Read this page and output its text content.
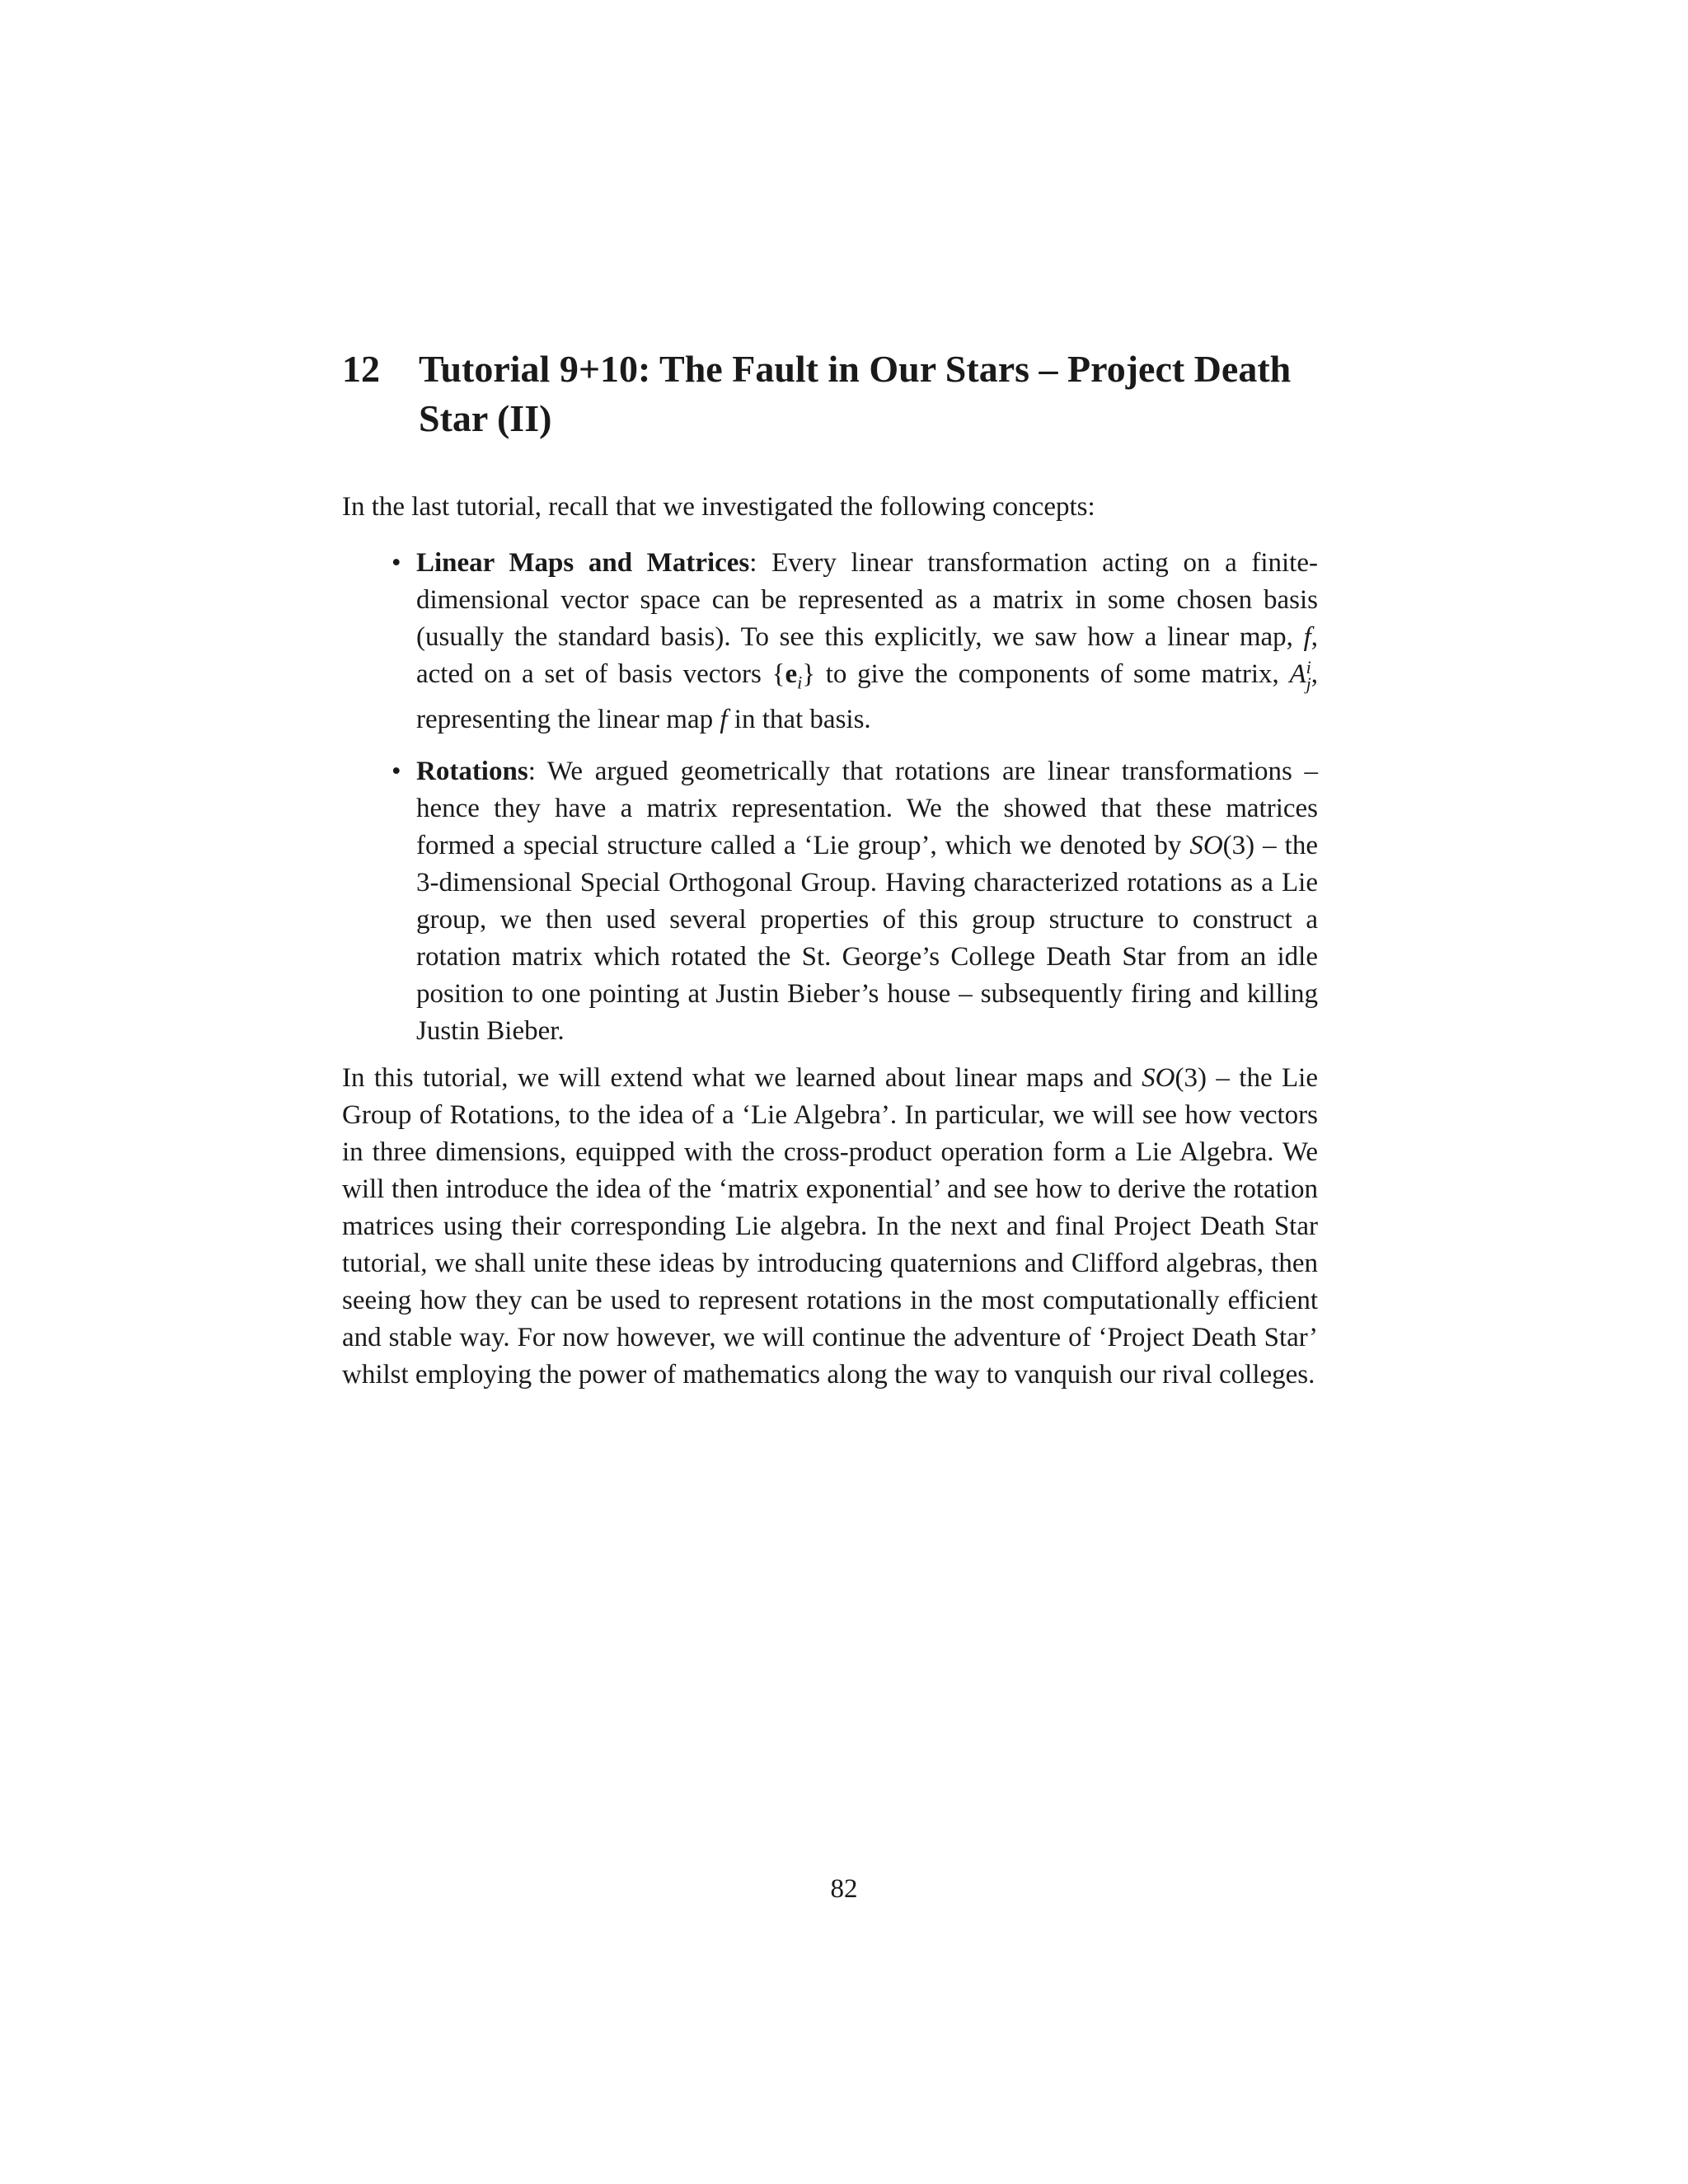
12	Tutorial 9+10: The Fault in Our Stars – Project Death Star (II)

In the last tutorial, recall that we investigated the following concepts:

• Linear Maps and Matrices: Every linear transformation acting on a finite-dimensional vector space can be represented as a matrix in some chosen basis (usually the standard basis). To see this explicitly, we saw how a linear map, f, acted on a set of basis vectors $\{e_i\}$ to give the components of some matrix, A i
j , representing the linear map f in that basis.
• Rotations: We argued geometrically that rotations are linear transformations – hence they have a matrix representation. We the showed that these matrices formed a special structure called a ‘Lie group’, which we denoted by SO(3) – the 3-dimensional Special Orthogonal Group. Having characterized rotations as a Lie group, we then used several properties of this group structure to construct a rotation matrix which rotated the St. George’s College Death Star from an idle position to one pointing at Justin Bieber’s house – subsequently firing and killing Justin Bieber.

In this tutorial, we will extend what we learned about linear maps and SO(3) – the Lie Group of Rotations, to the idea of a ‘Lie Algebra’. In particular, we will see how vectors in three dimensions, equipped with the cross-product operation form a Lie Algebra. We will then introduce the idea of the ‘matrix exponential’ and see how to derive the rotation matrices using their corresponding Lie algebra. In the next and final Project Death Star tutorial, we shall unite these ideas by introducing quaternions and Clifford algebras, then seeing how they can be used to represent rotations in the most computationally efficient and stable way. For now however, we will continue the adventure of ‘Project Death Star’ whilst employing the power of mathematics along the way to vanquish our rival colleges.

82
